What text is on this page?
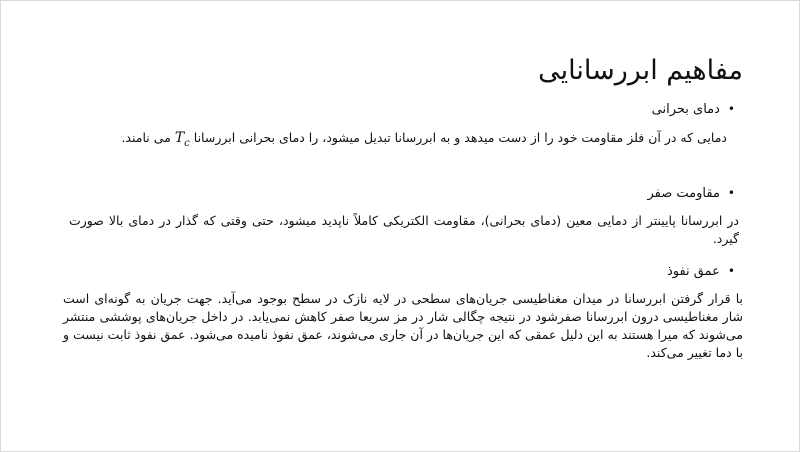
مفاهیم ابررسانایی

•دمای بحرانی

دمایی که در آن فلز مقاومت خود را از دست میدهد و به ابررسانا تبدیل میشود، را دمای بحرانی ابررسانا $T_c$ می نامند.

•مقاومت صفر

در ابررسانا پایینتر از دمایی معین (دمای بحرانی)، مقاومت الکتریکی کاملاً ناپدید میشود، حتی وقتی که گذار در دمای بالا صورت گیرد.

•عمق نفوذ

با قرار گرفتن ابررسانا در میدان مغناطیسی جریان‌های سطحی در لایه نازک در سطح بوجود می‌آید. جهت جریان به گونه‌ای است شار مغناطیسی درون ابررسانا صفرشود در نتیجه چگالی شار در مز سریعا صفر کاهش نمی‌یابد. در داخل جریان‌های پوششی منتشر می‌شوند که میرا هستند به این دلیل عمقی که این جریان‌ها در آن جاری می‌شوند، عمق نفوذ نامیده می‌شود. عمق نفوذ ثابت نیست و با دما تغییر می‌کند.
